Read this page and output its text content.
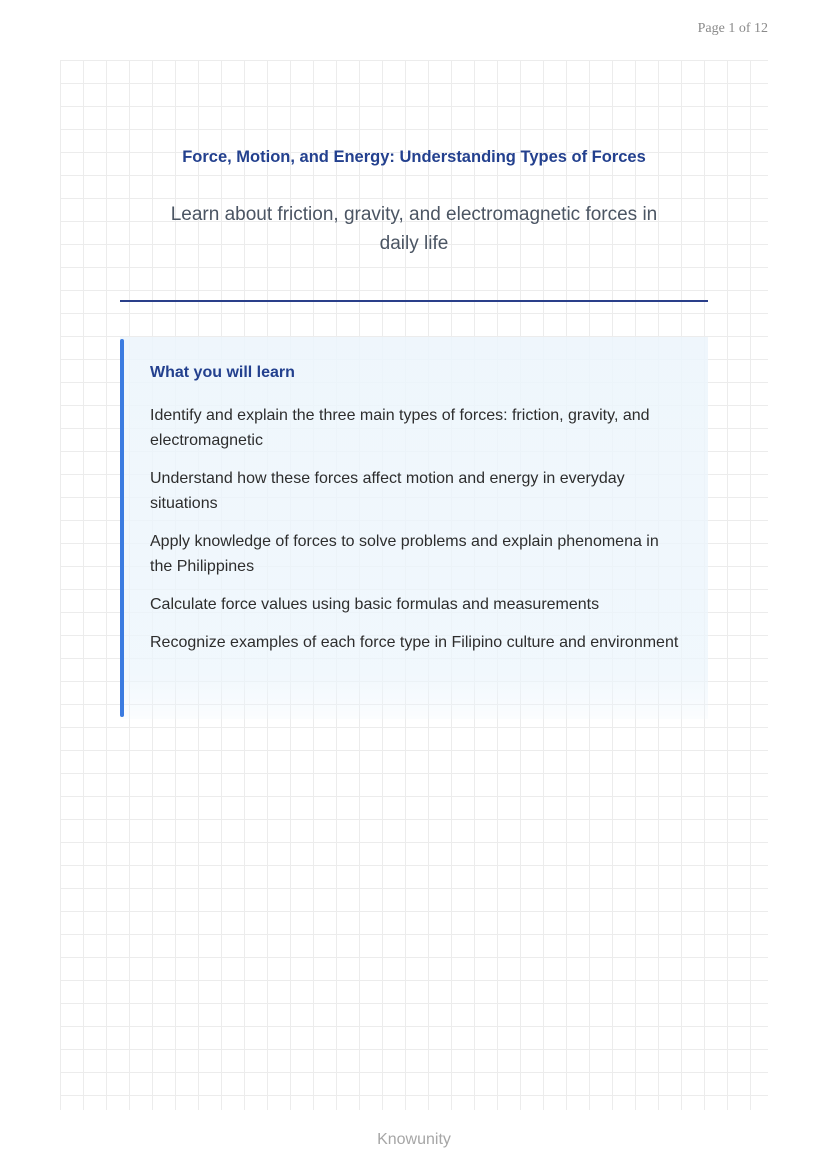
Page 1 of 12
Force, Motion, and Energy: Understanding Types of Forces
Learn about friction, gravity, and electromagnetic forces in daily life
What you will learn
Identify and explain the three main types of forces: friction, gravity, and electromagnetic
Understand how these forces affect motion and energy in everyday situations
Apply knowledge of forces to solve problems and explain phenomena in the Philippines
Calculate force values using basic formulas and measurements
Recognize examples of each force type in Filipino culture and environment
Knowunity
